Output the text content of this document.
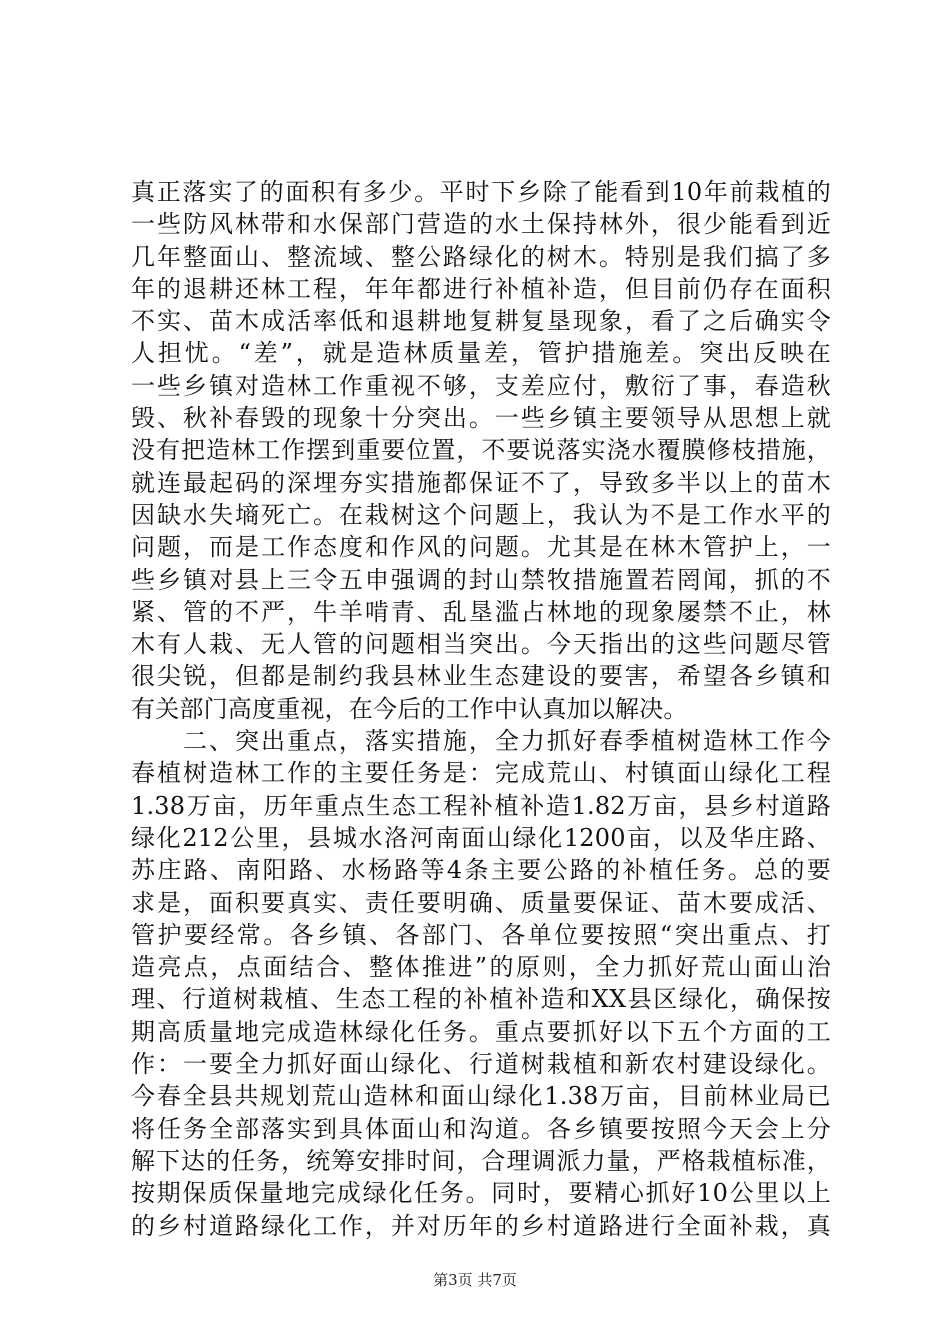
真正落实了的面积有多少。平时下乡除了能看到10年前栽植的
一些防风林带和水保部门营造的水土保持林外，很少能看到近
几年整面山、整流域、整公路绿化的树木。特别是我们搞了多
年的退耕还林工程，年年都进行补植补造，但目前仍存在面积
不实、苗木成活率低和退耕地复耕复垦现象，看了之后确实令
人担忧。“差”，就是造林质量差，管护措施差。突出反映在
一些乡镇对造林工作重视不够，支差应付，敷衍了事，春造秋
毁、秋补春毁的现象十分突出。一些乡镇主要领导从思想上就
没有把造林工作摆到重要位置，不要说落实浇水覆膜修枝措施，
就连最起码的深埋夯实措施都保证不了，导致多半以上的苗木
因缺水失墒死亡。在栽树这个问题上，我认为不是工作水平的
问题，而是工作态度和作风的问题。尤其是在林木管护上，一
些乡镇对县上三令五申强调的封山禁牧措施置若罔闻，抓的不
紧、管的不严，牛羊啃青、乱垦滥占林地的现象屡禁不止，林
木有人栽、无人管的问题相当突出。今天指出的这些问题尽管
很尖锐，但都是制约我县林业生态建设的要害，希望各乡镇和
有关部门高度重视，在今后的工作中认真加以解决。
　　二、突出重点，落实措施，全力抓好春季植树造林工作今
春植树造林工作的主要任务是：完成荒山、村镇面山绿化工程
1.38万亩，历年重点生态工程补植补造1.82万亩，县乡村道路
绿化212公里，县城水洛河南面山绿化1200亩，以及华庄路、
苏庄路、南阳路、水杨路等4条主要公路的补植任务。总的要
求是，面积要真实、责任要明确、质量要保证、苗木要成活、
管护要经常。各乡镇、各部门、各单位要按照“突出重点、打
造亮点，点面结合、整体推进”的原则，全力抓好荒山面山治
理、行道树栽植、生态工程的补植补造和XX县区绿化，确保按
期高质量地完成造林绿化任务。重点要抓好以下五个方面的工
作：一要全力抓好面山绿化、行道树栽植和新农村建设绿化。
今春全县共规划荒山造林和面山绿化1.38万亩，目前林业局已
将任务全部落实到具体面山和沟道。各乡镇要按照今天会上分
解下达的任务，统筹安排时间，合理调派力量，严格栽植标准，
按期保质保量地完成绿化任务。同时，要精心抓好10公里以上
的乡村道路绿化工作，并对历年的乡村道路进行全面补栽，真
第3页 共7页
